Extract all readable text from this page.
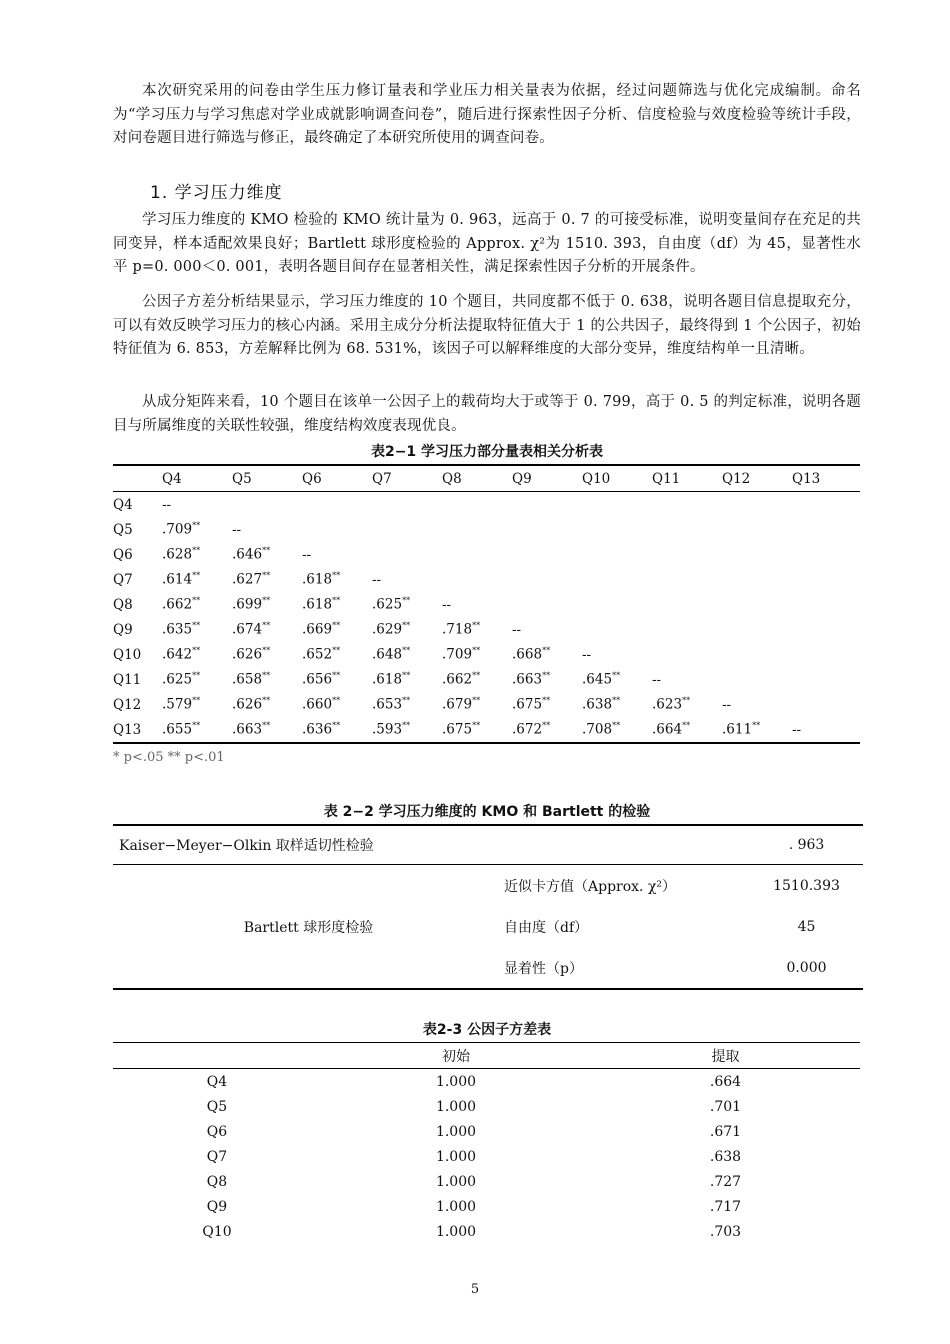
本次研究采用的问卷由学生压力修订量表和学业压力相关量表为依据，经过问题筛选与优化完成编制。命名为“学习压力与学习焦虑对学业成就影响调查问卷”，随后进行探索性因子分析、信度检验与效度检验等统计手段，对问卷题目进行筛选与修正，最终确定了本研究所使用的调查问卷。

1. 学习压力维度

学习压力维度的 KMO 检验的 KMO 统计量为 0. 963，远高于 0. 7 的可接受标准，说明变量间存在充足的共同变异，样本适配效果良好；Bartlett 球形度检验的 Approx. χ²为 1510. 393，自由度（df）为 45，显著性水平 p=0. 000＜0. 001，表明各题目间存在显著相关性，满足探索性因子分析的开展条件。

公因子方差分析结果显示，学习压力维度的 10 个题目，共同度都不低于 0. 638，说明各题目信息提取充分，可以有效反映学习压力的核心内涵。采用主成分分析法提取特征值大于 1 的公共因子，最终得到 1 个公因子，初始特征值为 6. 853，方差解释比例为 68. 531%，该因子可以解释维度的大部分变异，维度结构单一且清晰。

从成分矩阵来看，10 个题目在该单一公因子上的载荷均大于或等于 0. 799，高于 0. 5 的判定标准，说明各题目与所属维度的关联性较强，维度结构效度表现优良。

表2−1 学习压力部分量表相关分析表
	Q4	Q5	Q6	Q7	Q8	Q9	Q10	Q11	Q12	Q13
Q4	--									
Q5	.709**	--								
Q6	.628**	.646**	--							
Q7	.614**	.627**	.618**	--						
Q8	.662**	.699**	.618**	.625**	--					
Q9	.635**	.674**	.669**	.629**	.718**	--				
Q10	.642**	.626**	.652**	.648**	.709**	.668**	--			
Q11	.625**	.658**	.656**	.618**	.662**	.663**	.645**	--		
Q12	.579**	.626**	.660**	.653**	.679**	.675**	.638**	.623**	--	
Q13	.655**	.663**	.636**	.593**	.675**	.672**	.708**	.664**	.611**	--
* p<.05 ** p<.01
表 2−2 学习压力维度的 KMO 和 Bartlett 的检验
Kaiser−Meyer−Olkin 取样适切性检验		. 963
Bartlett 球形度检验	近似卡方值（Approx. χ²）	1510.393
	自由度（df）	45
	显着性（p）	0.000
表2-3 公因子方差表
	初始	提取
Q4	1.000	.664
Q5	1.000	.701
Q6	1.000	.671
Q7	1.000	.638
Q8	1.000	.727
Q9	1.000	.717
Q10	1.000	.703
5
